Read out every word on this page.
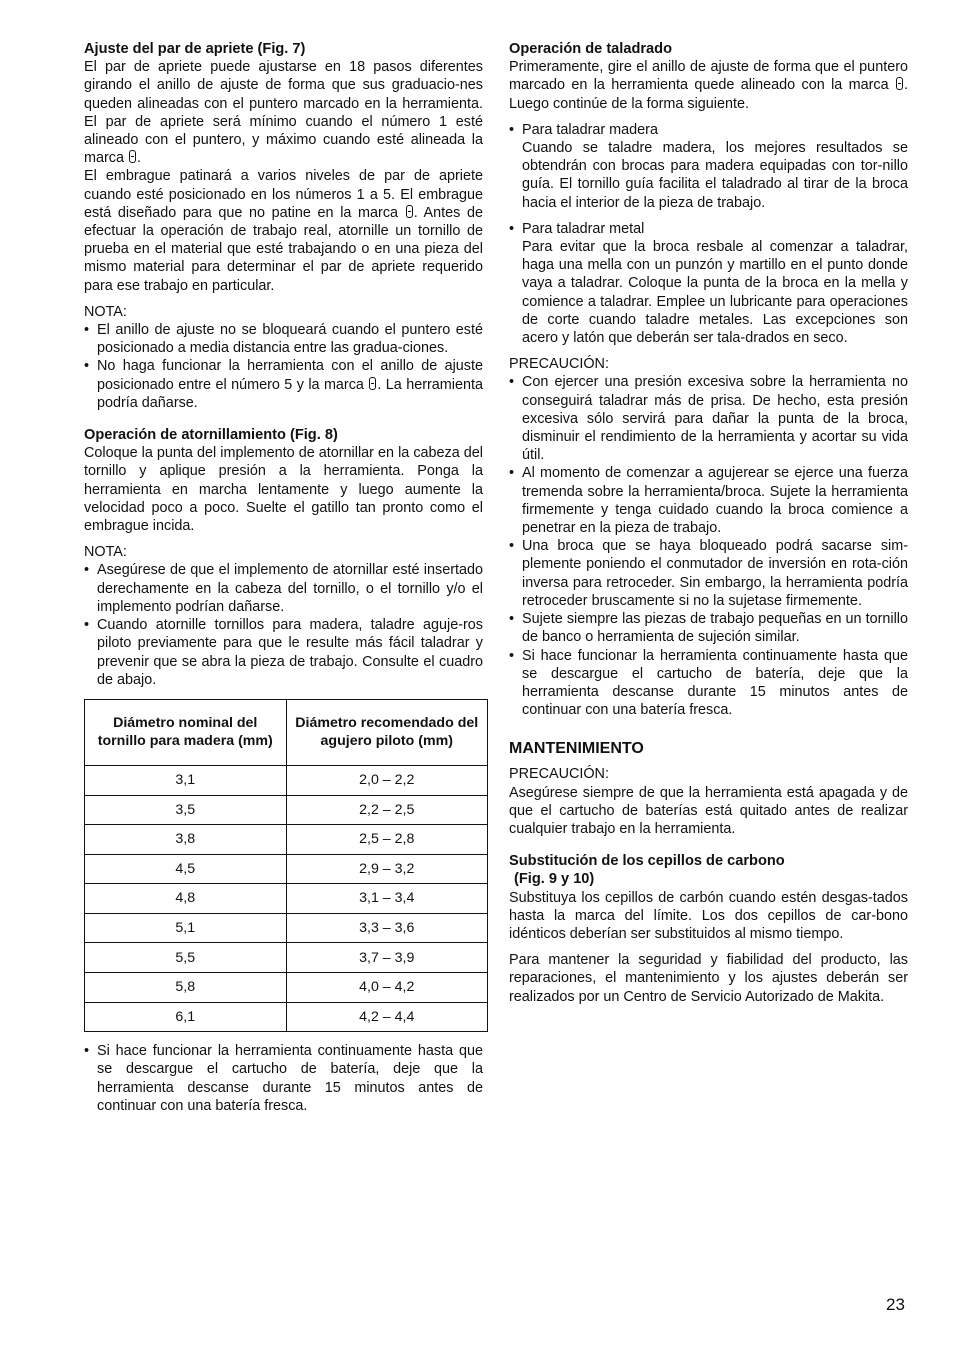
Ajuste del par de apriete (Fig. 7)

El par de apriete puede ajustarse en 18 pasos diferentes girando el anillo de ajuste de forma que sus graduacio-nes queden alineadas con el puntero marcado en la herramienta. El par de apriete será mínimo cuando el número 1 esté alineado con el puntero, y máximo cuando esté alineada la marca .

El embrague patinará a varios niveles de par de apriete cuando esté posicionado en los números 1 a 5. El embrague está diseñado para que no patine en la marca . Antes de efectuar la operación de trabajo real, atornille un tornillo de prueba en el material que esté trabajando o en una pieza del mismo material para determinar el par de apriete requerido para ese trabajo en particular.

NOTA:

• El anillo de ajuste no se bloqueará cuando el puntero esté posicionado a media distancia entre las gradua-ciones.
• No haga funcionar la herramienta con el anillo de ajuste posicionado entre el número 5 y la marca . La herramienta podría dañarse.
Operación de atornillamiento (Fig. 8)

Coloque la punta del implemento de atornillar en la cabeza del tornillo y aplique presión a la herramienta. Ponga la herramienta en marcha lentamente y luego aumente la velocidad poco a poco. Suelte el gatillo tan pronto como el embrague incida.

NOTA:

• Asegúrese de que el implemento de atornillar esté insertado derechamente en la cabeza del tornillo, o el tornillo y/o el implemento podrían dañarse.
• Cuando atornille tornillos para madera, taladre aguje-ros piloto previamente para que le resulte más fácil taladrar y prevenir que se abra la pieza de trabajo. Consulte el cuadro de abajo.
Diámetro nominal del tornillo para madera (mm)	Diámetro recomendado del agujero piloto (mm)
3,1	2,0 – 2,2
3,5	2,2 – 2,5
3,8	2,5 – 2,8
4,5	2,9 – 3,2
4,8	3,1 – 3,4
5,1	3,3 – 3,6
5,5	3,7 – 3,9
5,8	4,0 – 4,2
6,1	4,2 – 4,4
• Si hace funcionar la herramienta continuamente hasta que se descargue el cartucho de batería, deje que la herramienta descanse durante 15 minutos antes de continuar con una batería fresca.
Operación de taladrado

Primeramente, gire el anillo de ajuste de forma que el puntero marcado en la herramienta quede alineado con la marca . Luego continúe de la forma siguiente.

• Para taladrar madera
Cuando se taladre madera, los mejores resultados se obtendrán con brocas para madera equipadas con tor-nillo guía. El tornillo guía facilita el taladrado al tirar de la broca hacia el interior de la pieza de trabajo.
• Para taladrar metal
Para evitar que la broca resbale al comenzar a taladrar, haga una mella con un punzón y martillo en el punto donde vaya a taladrar. Coloque la punta de la broca en la mella y comience a taladrar. Emplee un lubricante para operaciones de corte cuando taladre metales. Las excepciones son acero y latón que deberán ser tala-drados en seco.

PRECAUCIÓN:

• Con ejercer una presión excesiva sobre la herramienta no conseguirá taladrar más de prisa. De hecho, esta presión excesiva sólo servirá para dañar la punta de la broca, disminuir el rendimiento de la herramienta y acortar su vida útil.
• Al momento de comenzar a agujerear se ejerce una fuerza tremenda sobre la herramienta/broca. Sujete la herramienta firmemente y tenga cuidado cuando la broca comience a penetrar en la pieza de trabajo.
• Una broca que se haya bloqueado podrá sacarse sim-plemente poniendo el conmutador de inversión en rota-ción inversa para retroceder. Sin embargo, la herramienta podría retroceder bruscamente si no la sujetase firmemente.
• Sujete siempre las piezas de trabajo pequeñas en un tornillo de banco o herramienta de sujeción similar.
• Si hace funcionar la herramienta continuamente hasta que se descargue el cartucho de batería, deje que la herramienta descanse durante 15 minutos antes de continuar con una batería fresca.
MANTENIMIENTO

PRECAUCIÓN:

Asegúrese siempre de que la herramienta está apagada y de que el cartucho de baterías está quitado antes de realizar cualquier trabajo en la herramienta.

Substitución de los cepillos de carbono
(Fig. 9 y 10)

Substituya los cepillos de carbón cuando estén desgas-tados hasta la marca del límite. Los dos cepillos de car-bono idénticos deberían ser substituidos al mismo tiempo.

Para mantener la seguridad y fiabilidad del producto, las reparaciones, el mantenimiento y los ajustes deberán ser realizados por un Centro de Servicio Autorizado de Makita.

23
